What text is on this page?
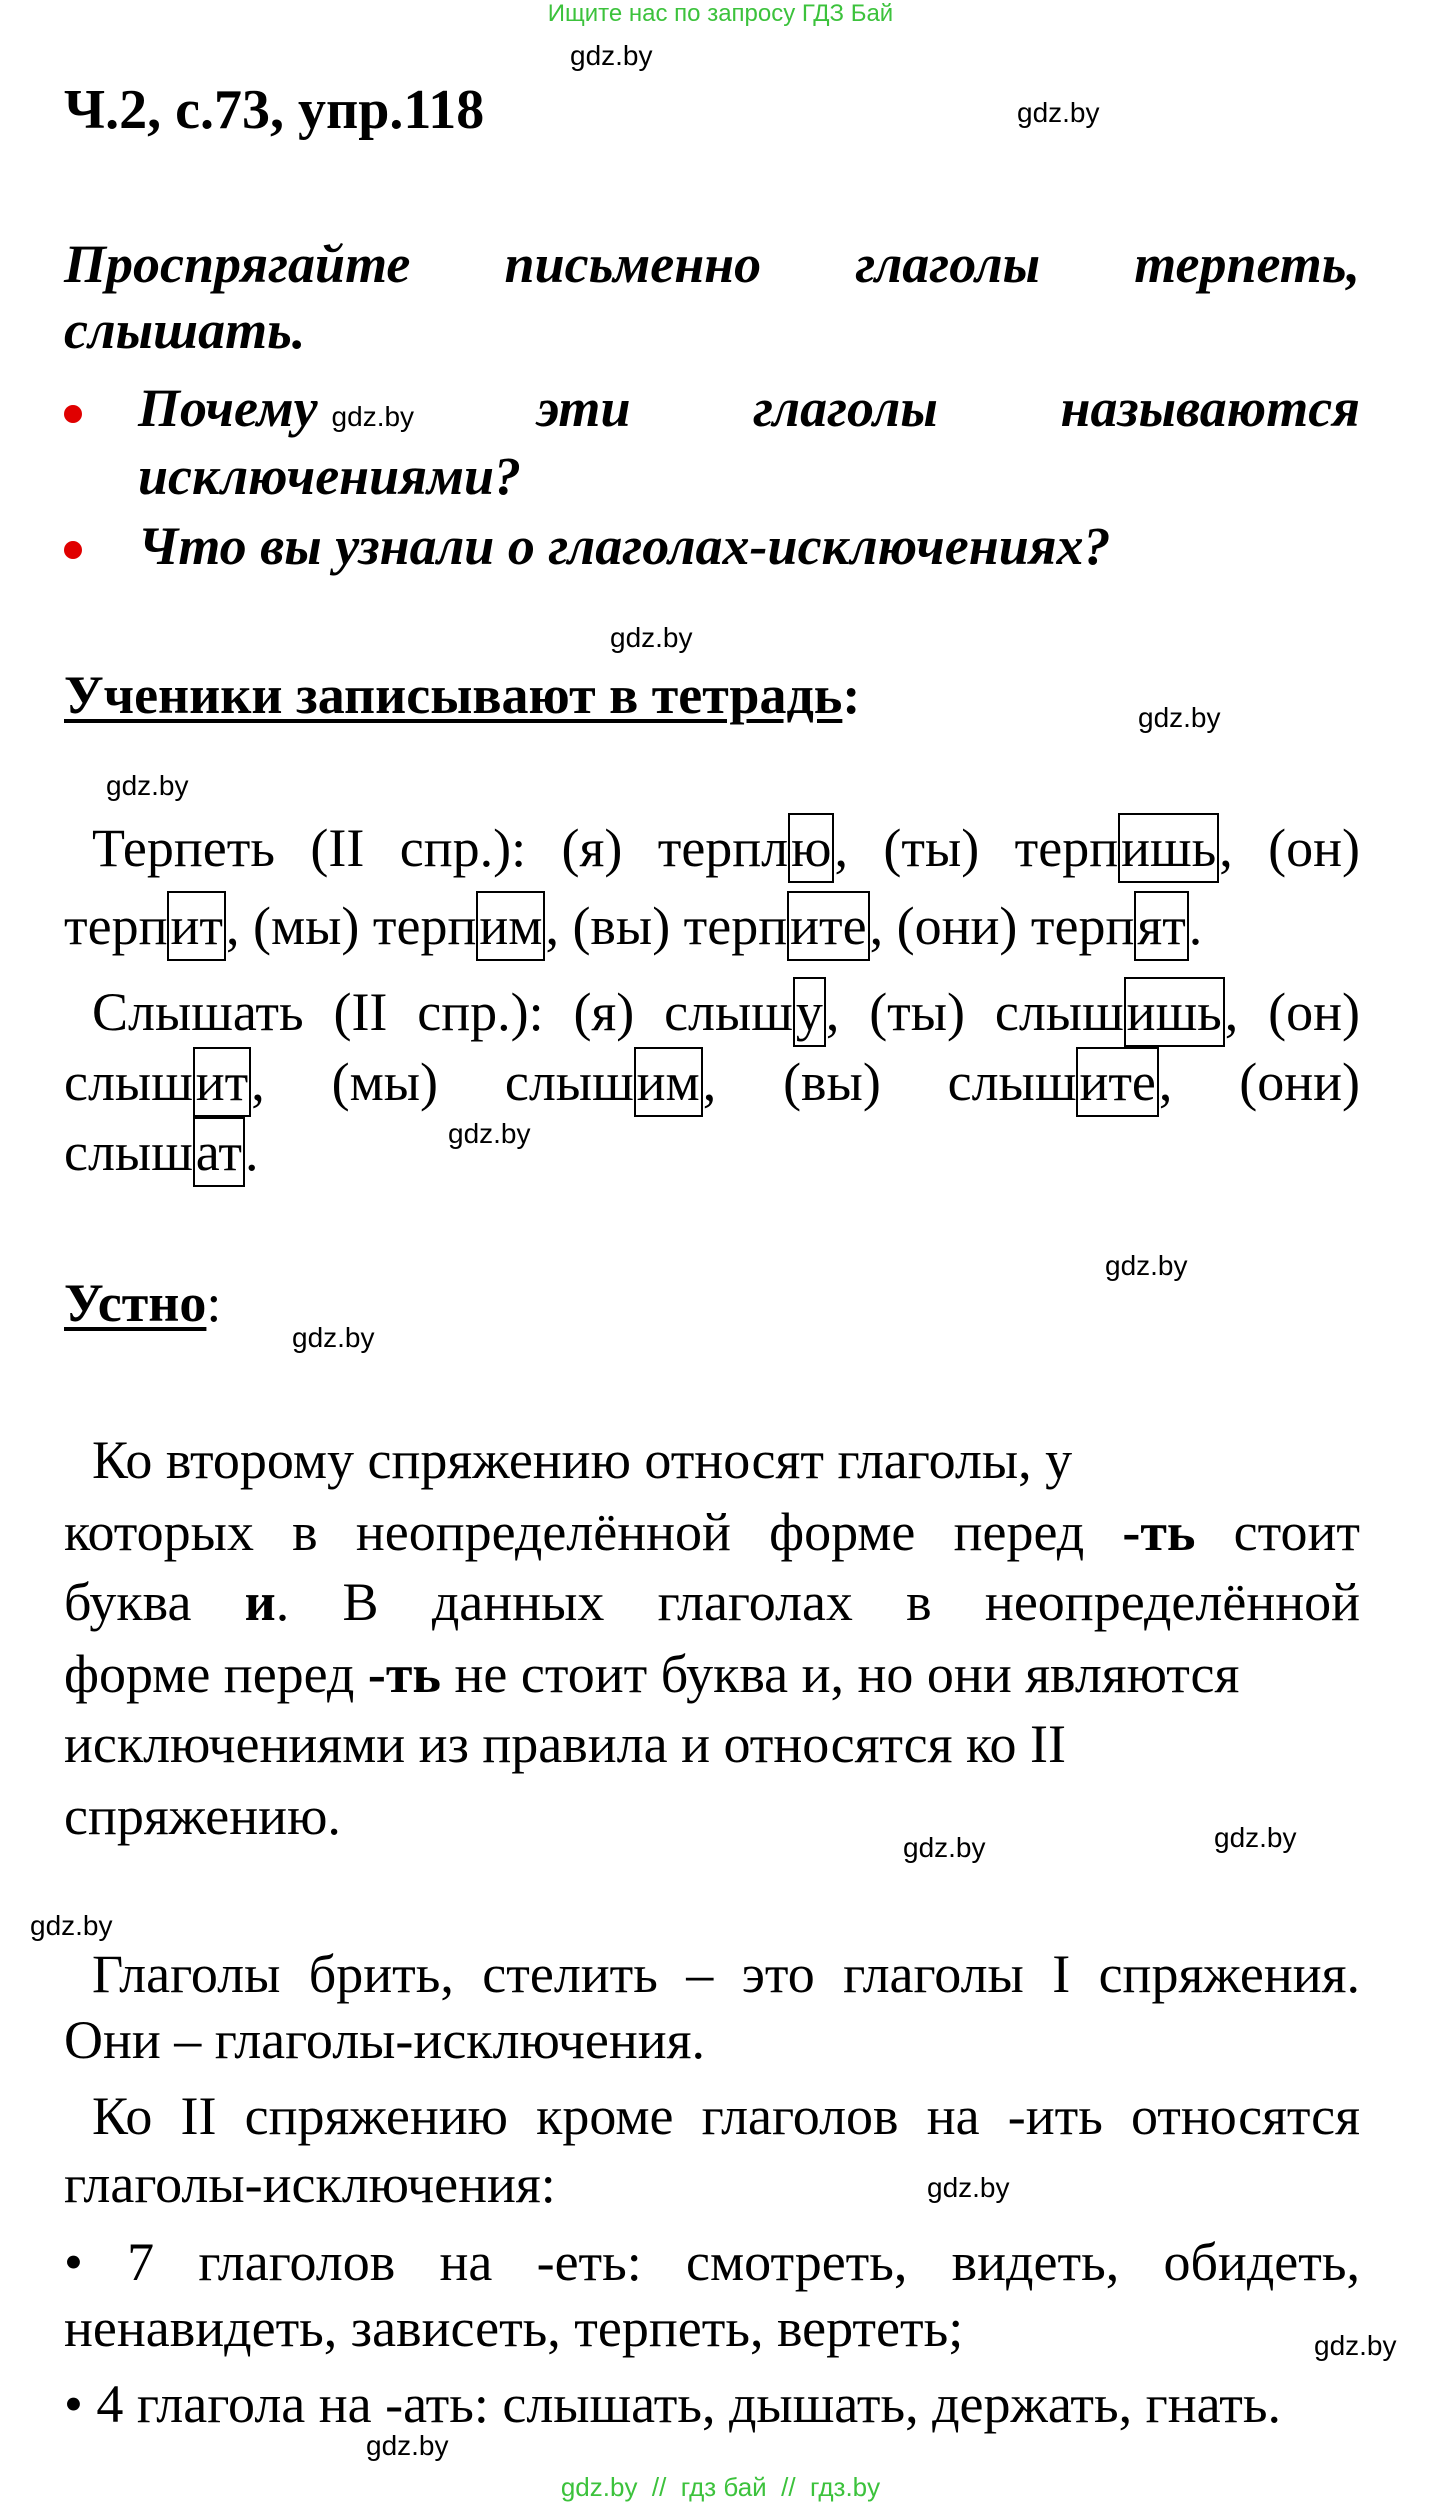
Ищите нас по запросу ГДЗ Бай
gdz.by
gdz.by
gdz.by
gdz.by
gdz.by
gdz.by
gdz.by
gdz.by
gdz.by
gdz.by
gdz.by
gdz.by
gdz.by
gdz.by
Ч.2, с.73, упр.118
Проспрягайте письменно глаголы терпеть,
слышать.
Почему gdz.by эти глаголы называются
исключениями?
Что вы узнали о глаголах-исключениях?
Ученики записывают в тетрадь:
Терпеть (II спр.): (я) терплю, (ты) терпишь, (он)
терпит, (мы) терпим, (вы) терпите, (они) терпят.
Слышать (II спр.): (я) слышу, (ты) слышишь, (он)
слышит, (мы) слышим, (вы) слышите, (они)
слышат.
Устно:
Ко второму спряжению относят глаголы, у
которых в неопределённой форме перед -ть стоит
буква и. В данных глаголах в неопределённой
форме перед -ть не стоит буква и, но они являются
исключениями из правила и относятся ко II
спряжению.
Глаголы брить, стелить – это глаголы I спряжения.
Они – глаголы-исключения.
Ко II спряжению кроме глаголов на -ить относятся
глаголы-исключения:
• 7 глаголов на -еть: смотреть, видеть, обидеть,
ненавидеть, зависеть, терпеть, вертеть;
• 4 глагола на -ать: слышать, дышать, держать, гнать.
gdz.by  //  гдз бай  //  гдз.by
